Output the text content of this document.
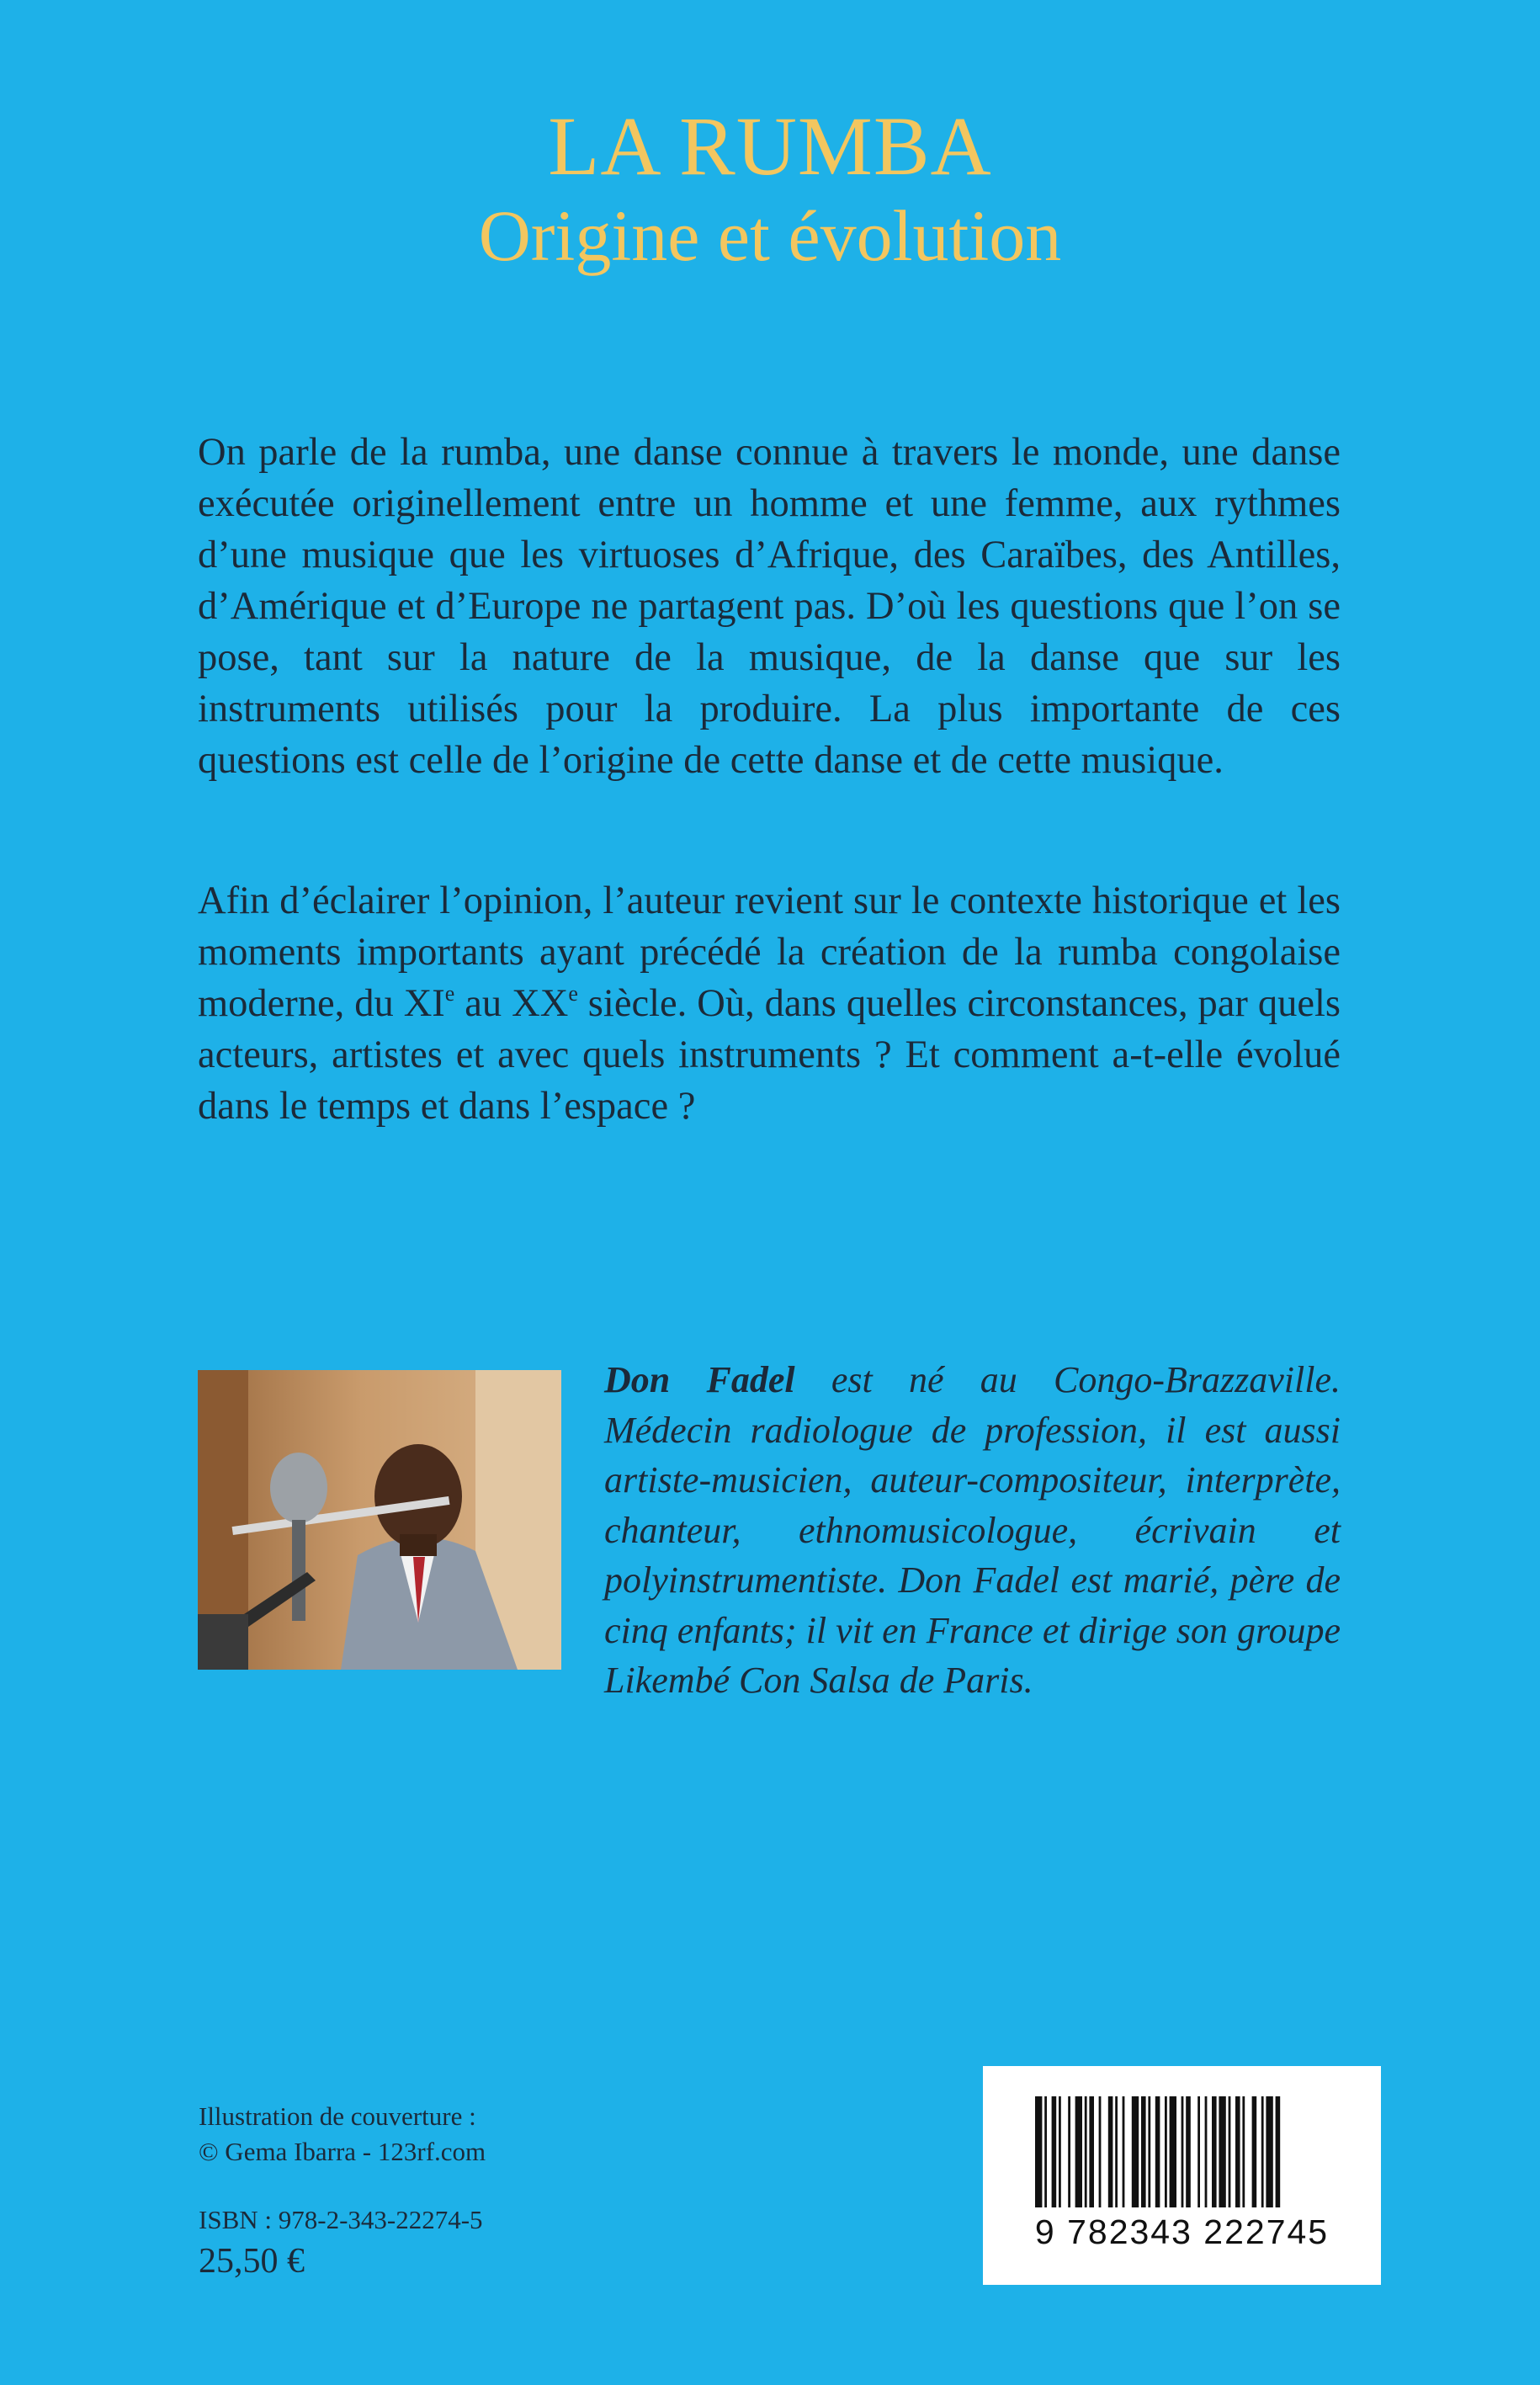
LA RUMBA
Origine et évolution

On parle de la rumba, une danse connue à travers le monde, une danse exécutée originellement entre un homme et une femme, aux rythmes d’une musique que les virtuoses d’Afrique, des Caraïbes, des Antilles, d’Amérique et d’Europe ne partagent pas. D’où les questions que l’on se pose, tant sur la nature de la musique, de la danse que sur les instruments utilisés pour la produire. La plus importante de ces questions est celle de l’origine de cette danse et de cette musique.

Afin d’éclairer l’opinion, l’auteur revient sur le contexte historique et les moments importants ayant précédé la création de la rumba congolaise moderne, du XIe au XXe siècle. Où, dans quelles circonstances, par quels acteurs, artistes et avec quels instruments ? Et comment a-t-elle évolué dans le temps et dans l’espace ?

Don Fadel est né au Congo-Brazzaville. Médecin radiologue de profession, il est aussi artiste-musicien, auteur-compositeur, interprète, chanteur, ethnomusicologue, écrivain et polyinstrumentiste. Don Fadel est marié, père de cinq enfants; il vit en France et dirige son groupe Likembé Con Salsa de Paris.

Illustration de couverture :
© Gema Ibarra - 123rf.com
ISBN : 978-2-343-22274-5
25,50 €
9 782343 222745
